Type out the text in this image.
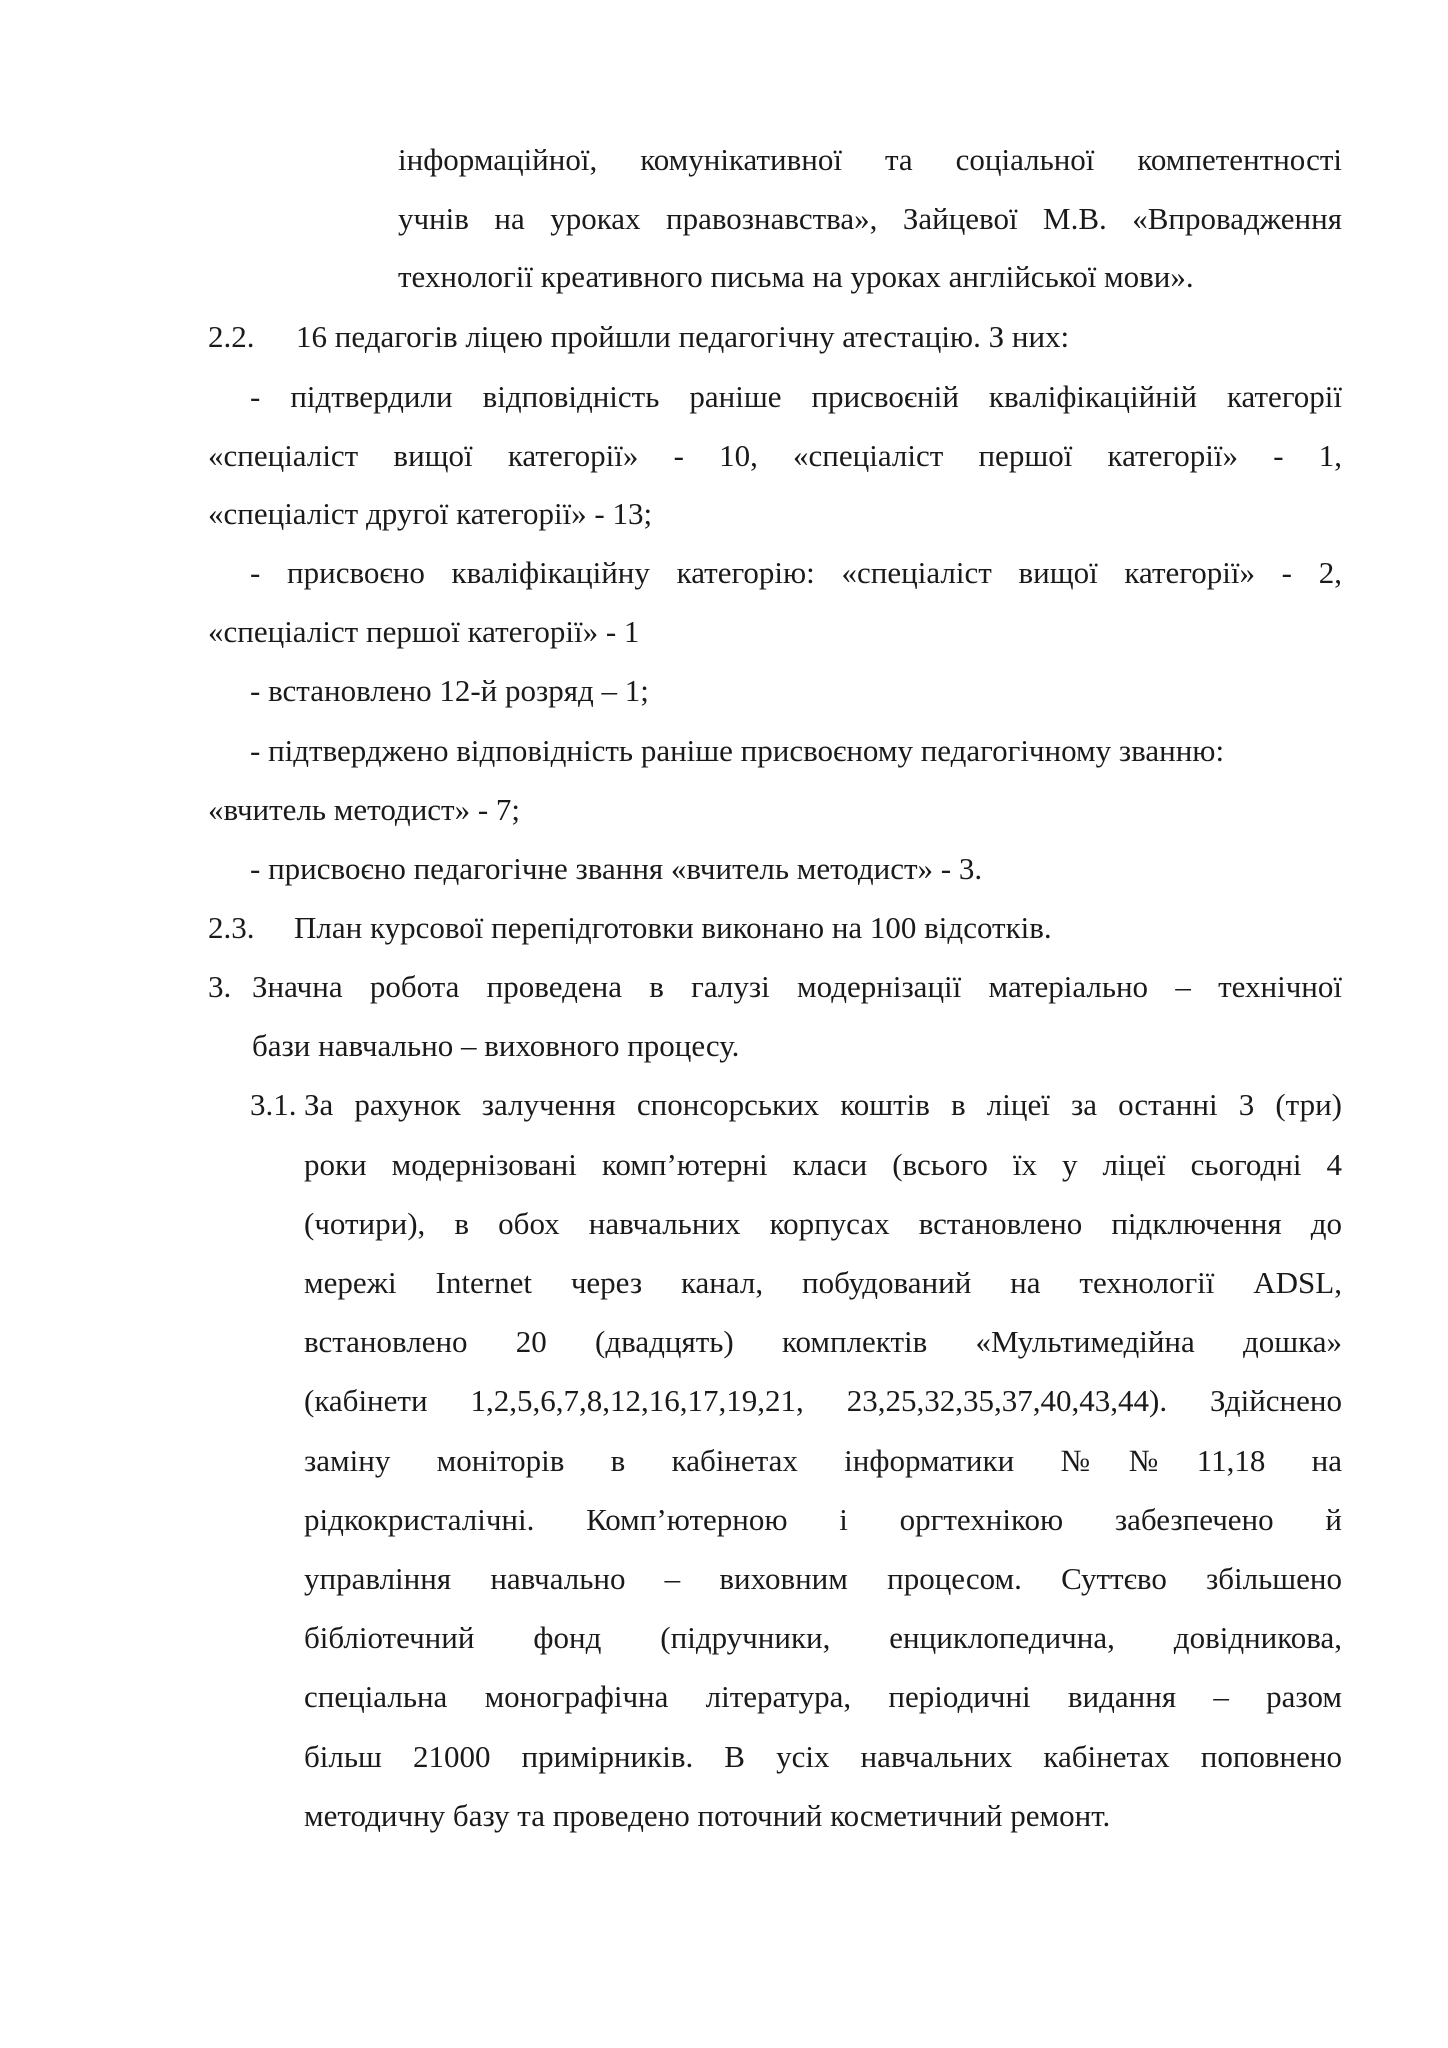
інформаційної, комунікативної та соціальної компетентності
учнів на уроках правознавства», Зайцевої М.В. «Впровадження
технології креативного письма на уроках англійської мови».
2.2. 16 педагогів ліцею пройшли педагогічну атестацію. З них:
- підтвердили відповідність раніше присвоєній кваліфікаційній категорії
«спеціаліст вищої категорії» - 10, «спеціаліст першої категорії» - 1,
«спеціаліст другої категорії» - 13;
- присвоєно кваліфікаційну категорію: «спеціаліст вищої категорії» - 2,
«спеціаліст першої категорії» - 1
- встановлено 12-й розряд – 1;
- підтверджено відповідність раніше присвоєному педагогічному званню:
«вчитель методист» - 7;
- присвоєно педагогічне звання «вчитель методист» - 3.
2.3. План курсової перепідготовки виконано на 100 відсотків.
3. Значна робота проведена в галузі модернізації матеріально – технічної
бази навчально – виховного процесу.
3.1. За рахунок залучення спонсорських коштів в ліцеї за останні 3 (три)
роки модернізовані комп’ютерні класи (всього їх у ліцеї сьогодні 4
(чотири), в обох навчальних корпусах встановлено підключення до
мережі Internet через канал, побудований на технології ADSL,
встановлено 20 (двадцять) комплектів «Мультимедійна дошка»
(кабінети 1,2,5,6,7,8,12,16,17,19,21, 23,25,32,35,37,40,43,44). Здійснено
заміну моніторів в кабінетах інформатики №№11,18 на
рідкокристалічні. Комп’ютерною і оргтехнікою забезпечено й
управління навчально – виховним процесом. Суттєво збільшено
бібліотечний фонд (підручники, енциклопедична, довідникова,
спеціальна монографічна література, періодичні видання – разом
більш 21000 примірників. В усіх навчальних кабінетах поповнено
методичну базу та проведено поточний косметичний ремонт.
